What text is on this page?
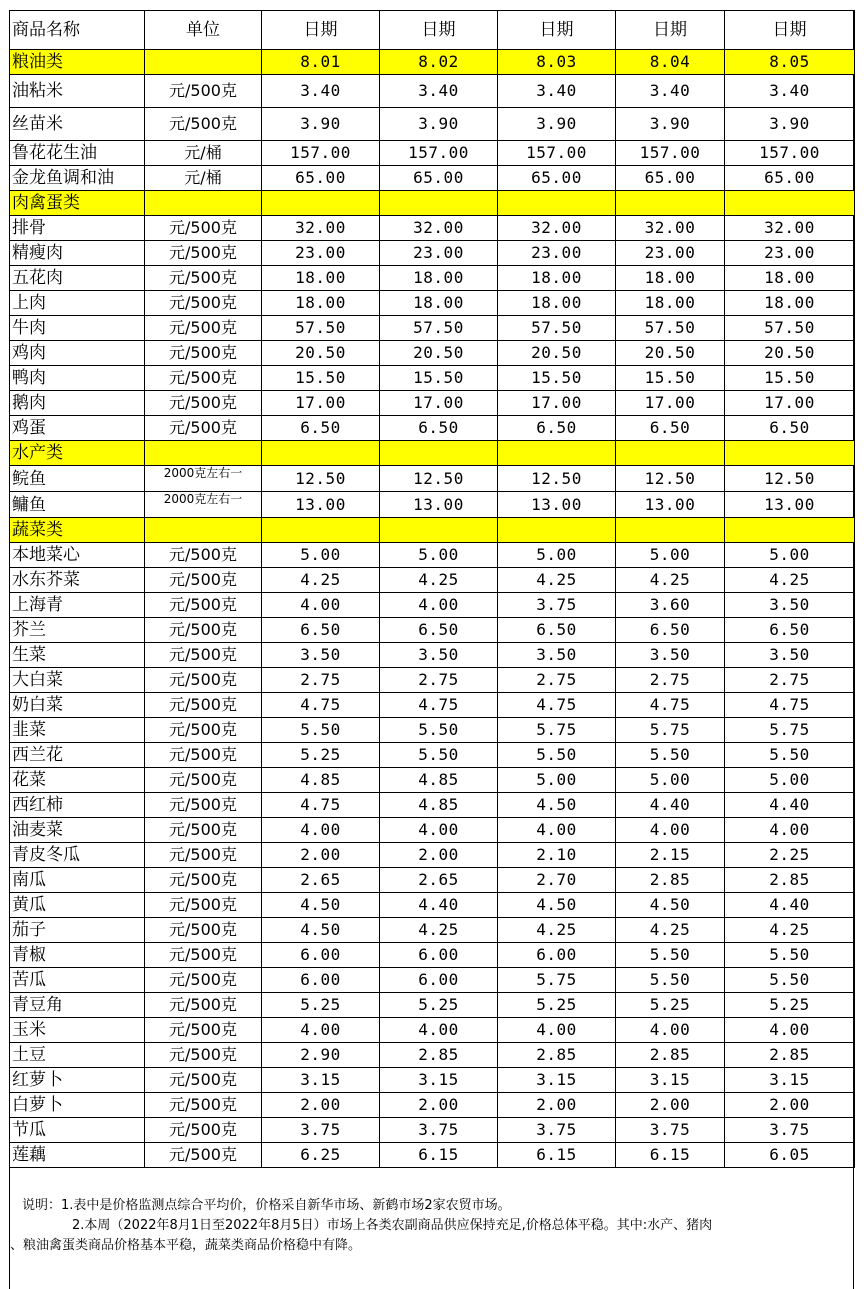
商品名称	单位	日期	日期	日期	日期	日期
粮油类		8.01	8.02	8.03	8.04	8.05
油粘米	元/500克	3.40	3.40	3.40	3.40	3.40
丝苗米	元/500克	3.90	3.90	3.90	3.90	3.90
鲁花花生油	元/桶	157.00	157.00	157.00	157.00	157.00
金龙鱼调和油	元/桶	65.00	65.00	65.00	65.00	65.00
肉禽蛋类						
排骨	元/500克	32.00	32.00	32.00	32.00	32.00
精瘦肉	元/500克	23.00	23.00	23.00	23.00	23.00
五花肉	元/500克	18.00	18.00	18.00	18.00	18.00
上肉	元/500克	18.00	18.00	18.00	18.00	18.00
牛肉	元/500克	57.50	57.50	57.50	57.50	57.50
鸡肉	元/500克	20.50	20.50	20.50	20.50	20.50
鸭肉	元/500克	15.50	15.50	15.50	15.50	15.50
鹅肉	元/500克	17.00	17.00	17.00	17.00	17.00
鸡蛋	元/500克	6.50	6.50	6.50	6.50	6.50
水产类						
鲩鱼	2000克左右一	12.50	12.50	12.50	12.50	12.50
鳙鱼	2000克左右一	13.00	13.00	13.00	13.00	13.00
蔬菜类						
本地菜心	元/500克	5.00	5.00	5.00	5.00	5.00
水东芥菜	元/500克	4.25	4.25	4.25	4.25	4.25
上海青	元/500克	4.00	4.00	3.75	3.60	3.50
芥兰	元/500克	6.50	6.50	6.50	6.50	6.50
生菜	元/500克	3.50	3.50	3.50	3.50	3.50
大白菜	元/500克	2.75	2.75	2.75	2.75	2.75
奶白菜	元/500克	4.75	4.75	4.75	4.75	4.75
韭菜	元/500克	5.50	5.50	5.75	5.75	5.75
西兰花	元/500克	5.25	5.50	5.50	5.50	5.50
花菜	元/500克	4.85	4.85	5.00	5.00	5.00
西红柿	元/500克	4.75	4.85	4.50	4.40	4.40
油麦菜	元/500克	4.00	4.00	4.00	4.00	4.00
青皮冬瓜	元/500克	2.00	2.00	2.10	2.15	2.25
南瓜	元/500克	2.65	2.65	2.70	2.85	2.85
黄瓜	元/500克	4.50	4.40	4.50	4.50	4.40
茄子	元/500克	4.50	4.25	4.25	4.25	4.25
青椒	元/500克	6.00	6.00	6.00	5.50	5.50
苦瓜	元/500克	6.00	6.00	5.75	5.50	5.50
青豆角	元/500克	5.25	5.25	5.25	5.25	5.25
玉米	元/500克	4.00	4.00	4.00	4.00	4.00
土豆	元/500克	2.90	2.85	2.85	2.85	2.85
红萝卜	元/500克	3.15	3.15	3.15	3.15	3.15
白萝卜	元/500克	2.00	2.00	2.00	2.00	2.00
节瓜	元/500克	3.75	3.75	3.75	3.75	3.75
莲藕	元/500克	6.25	6.15	6.15	6.15	6.05

说明：1.表中是价格监测点综合平均价，价格采自新华市场、新鹤市场2家农贸市场。

2.本周（2022年8月1日至2022年8月5日）市场上各类农副商品供应保持充足,价格总体平稳。其中:水产、猪肉

、粮油禽蛋类商品价格基本平稳，蔬菜类商品价格稳中有降。
